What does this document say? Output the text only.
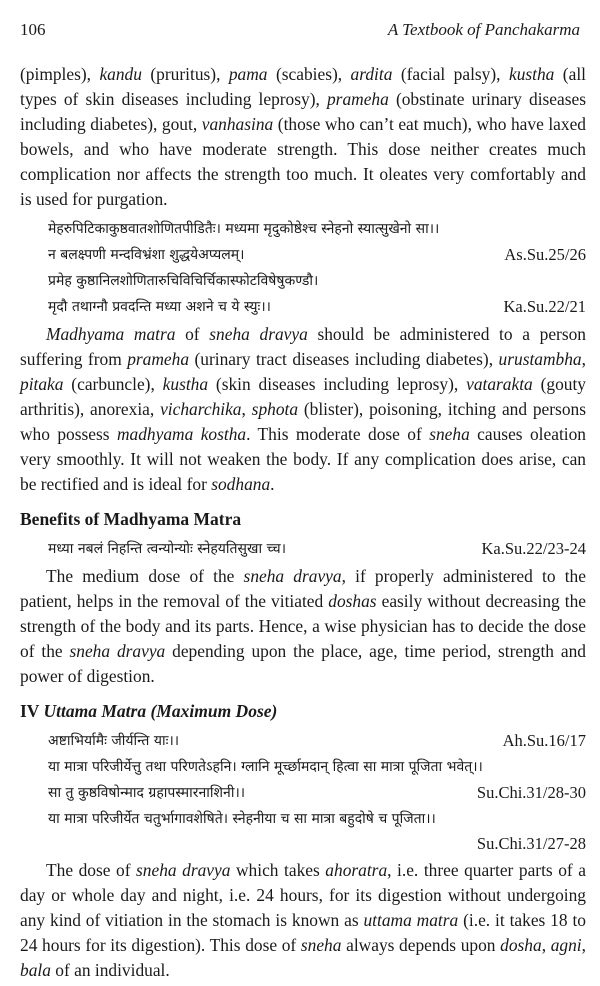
106	A Textbook of Panchakarma

(pimples), kandu (pruritus), pama (scabies), ardita (facial palsy), kustha (all types of skin diseases including leprosy), prameha (obstinate urinary diseases including diabetes), gout, vanhasina (those who can’t eat much), who have laxed bowels, and who have moderate strength. This dose neither creates much complication nor affects the strength too much. It oleates very comfortably and is used for purgation.

मेहरुपिटिकाकुष्ठवातशोणितपीडितैः। मध्यमा मृदुकोष्ठेश्च स्नेहनो स्यात्सुखेनो सा।।
न बलक्ष्पणी मन्दविभ्रंशा शुद्धयेअप्यलम्।	As.Su.25/26
प्रमेह कुष्ठानिलशोणितारुचिविचिर्चिकास्फोटविषेषुकण्डौ।
मृदौ तथाग्नौ प्रवदन्ति मध्या अशने च ये स्युः।।	Ka.Su.22/21

Madhyama matra of sneha dravya should be administered to a person suffering from prameha (urinary tract diseases including diabetes), urustambha, pitaka (carbuncle), kustha (skin diseases including leprosy), vataraktа (gouty arthritis), anorexia, vicharchika, sphota (blister), poisoning, itching and persons who possess madhyama kostha. This moderate dose of sneha causes oleation very smoothly. It will not weaken the body. If any complication does arise, can be rectified and is ideal for sodhana.

Benefits of Madhyama Matra
मध्या नबलं निहन्ति त्वन्योन्योः स्नेहयतिसुखा च्च।	Ka.Su.22/23-24

The medium dose of the sneha dravya, if properly administered to the patient, helps in the removal of the vitiated doshas easily without decreasing the strength of the body and its parts. Hence, a wise physician has to decide the dose of the sneha dravya depending upon the place, age, time period, strength and power of digestion.

IV Uttama Matra (Maximum Dose)
अष्टाभिर्यामैः जीर्यन्ति याः।।	Ah.Su.16/17
या मात्रा परिजीर्येत्तु तथा परिणतेऽहनि। ग्लानि मूर्च्छामदान् हित्वा सा मात्रा पूजिता भवेत्।।
सा तु कुष्ठविषोन्माद ग्रहापस्मारनाशिनी।।	Su.Chi.31/28-30
या मात्रा परिजीर्येत चतुर्भागावशेषिते। स्नेहनीया च सा मात्रा बहुदोषे च पूजिता।।
Su.Chi.31/27-28

The dose of sneha dravya which takes ahoratra, i.e. three quarter parts of a day or whole day and night, i.e. 24 hours, for its digestion without undergoing any kind of vitiation in the stomach is known as uttama matra (i.e. it takes 18 to 24 hours for its digestion). This dose of sneha always depends upon dosha, agni, bala of an individual.
